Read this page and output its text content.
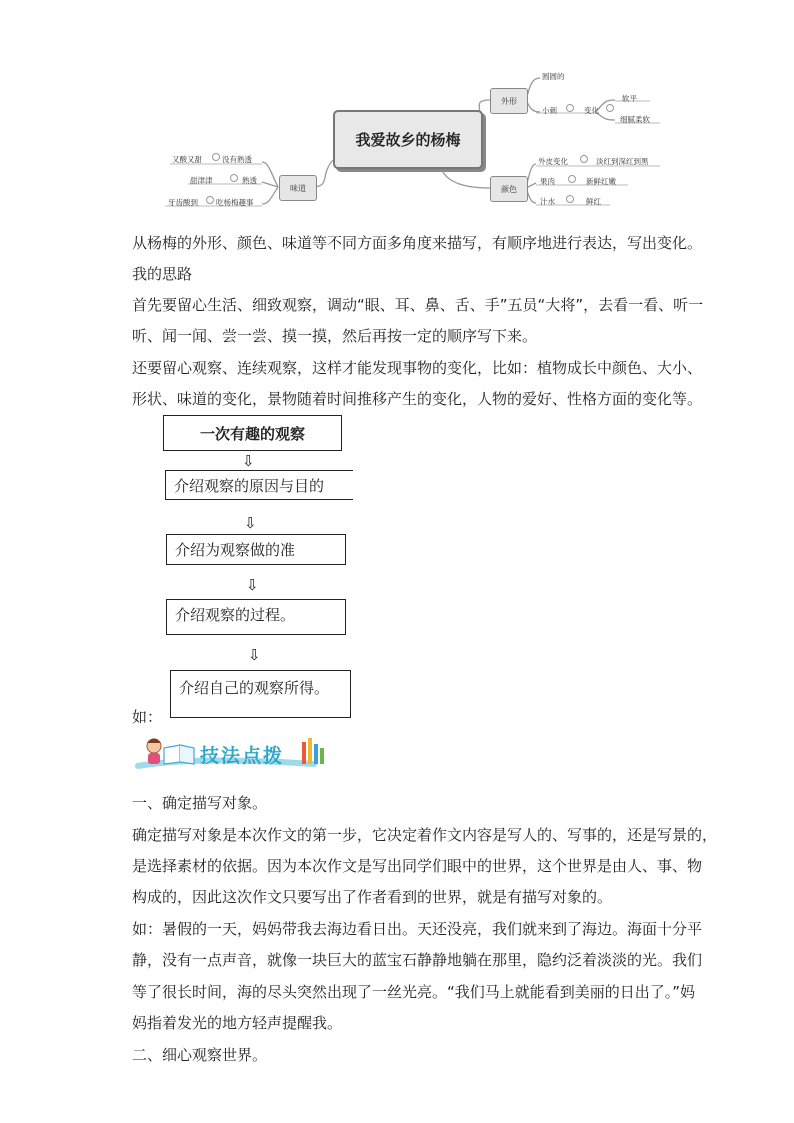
我爱故乡的杨梅
外形
圆圆的
小刺	变化
软平
细腻柔软
颜色
外皮变化	淡红到深红到黑
果肉	新鲜红嫩
汁水	鲜红
味道
又酸又甜	没有熟透
甜津津	熟透
牙齿酸到 吃杨梅趣事
从杨梅的外形、颜色、味道等不同方面多角度来描写，有顺序地进行表达，写出变化。
我的思路
首先要留心生活、细致观察，调动“眼、耳、鼻、舌、手”五员“大将”，去看一看、听一
听、闻一闻、尝一尝、摸一摸，然后再按一定的顺序写下来。
还要留心观察、连续观察，这样才能发现事物的变化，比如：植物成长中颜色、大小、
形状、味道的变化，景物随着时间推移产生的变化，人物的爱好、性格方面的变化等。
一次有趣的观察
⇩
介绍观察的原因与目的
⇩
介绍为观察做的准
⇩
介绍观察的过程。
⇩
介绍自己的观察所得。
如：
技法点拨
一、确定描写对象。
确定描写对象是本次作文的第一步，它决定着作文内容是写人的、写事的，还是写景的，
是选择素材的依据。因为本次作文是写出同学们眼中的世界，这个世界是由人、事、物
构成的，因此这次作文只要写出了作者看到的世界，就是有描写对象的。
如：暑假的一天，妈妈带我去海边看日出。天还没亮，我们就来到了海边。海面十分平
静，没有一点声音，就像一块巨大的蓝宝石静静地躺在那里，隐约泛着淡淡的光。我们
等了很长时间，海的尽头突然出现了一丝光亮。“我们马上就能看到美丽的日出了。”妈
妈指着发光的地方轻声提醒我。
二、细心观察世界。
